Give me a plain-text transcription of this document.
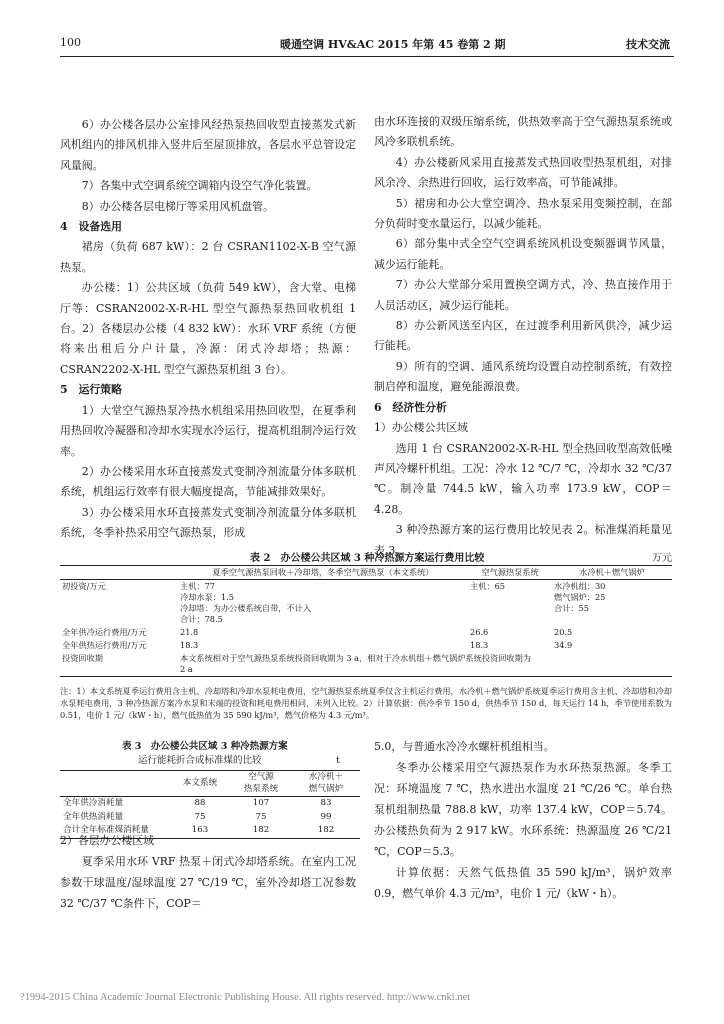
100	暖通空调 HV&AC 2015 年第 45 卷第 2 期	技术交流

6）办公楼各层办公室排风经热泵热回收型直接蒸发式新风机组内的排风机排入竖井后至屋顶排放，各层水平总管设定风量阀。

7）各集中式空调系统空调箱内设空气净化装置。

8）办公楼各层电梯厅等采用风机盘管。

4　设备选用

裙房（负荷 687 kW）：2 台 CSRAN1102-X-B 空气源热泵。

办公楼：1）公共区域（负荷 549 kW），含大堂、电梯厅等：CSRAN2002-X-R-HL 型空气源热泵热回收机组 1 台。2）各楼层办公楼（4 832 kW）：水环 VRF 系统（方便将来出租后分户计量，冷源：闭式冷却塔；热源：CSRAN2202-X-HL 型空气源热泵机组 3 台）。

5　运行策略

1）大堂空气源热泵冷热水机组采用热回收型，在夏季利用热回收冷凝器和冷却水实现水冷运行，提高机组制冷运行效率。

2）办公楼采用水环直接蒸发式变制冷剂流量分体多联机系统，机组运行效率有很大幅度提高，节能减排效果好。

3）办公楼采用水环直接蒸发式变制冷剂流量分体多联机系统，冬季补热采用空气源热泵，形成

由水环连接的双级压缩系统，供热效率高于空气源热泵系统或风冷多联机系统。

4）办公楼新风采用直接蒸发式热回收型热泵机组，对排风余冷、余热进行回收，运行效率高，可节能减排。

5）裙房和办公大堂空调冷、热水泵采用变频控制，在部分负荷时变水量运行，以减少能耗。

6）部分集中式全空气空调系统风机设变频器调节风量，减少运行能耗。

7）办公大堂部分采用置换空调方式，冷、热直接作用于人员活动区，减少运行能耗。

8）办公新风送至内区，在过渡季利用新风供冷，减少运行能耗。

9）所有的空调、通风系统均设置自动控制系统，有效控制启停和温度，避免能源浪费。

6　经济性分析

1）办公楼公共区域

选用 1 台 CSRAN2002-X-R-HL 型全热回收型高效低噪声风冷螺杆机组。工况：冷水 12 ℃/7 ℃，冷却水 32 ℃/37 ℃。制冷量 744.5 kW，输入功率 173.9 kW，COP＝4.28。

3 种冷热源方案的运行费用比较见表 2。标准煤消耗量见表 3。

表 2　办公楼公共区域 3 种冷热源方案运行费用比较	万元
	夏季空气源热泵回收＋冷却塔，冬季空气源热泵（本文系统）	空气源热泵系统	水冷机＋燃气锅炉
初投资/万元	主机：77
冷却水泵：1.5
冷却塔：为办公楼系统自带，不计入
合计：78.5	主机：65	水冷机组：30
燃气锅炉：25
合计：55
全年供冷运行费用/万元	21.8	26.6	20.5
全年供热运行费用/万元	18.3	18.3	34.9
投资回收期	本文系统相对于空气源热泵系统投资回收期为 3 a，相对于冷水机组＋燃气锅炉系统投资回收期为 2 a		
注：1）本文系统夏季运行费用含主机、冷却塔和冷却水泵耗电费用，空气源热泵系统夏季仅含主机运行费用，水冷机＋燃气锅炉系统夏季运行费用含主机、冷却塔和冷却水泵耗电费用，3 种冷热源方案冷水泵和末端的投资和耗电费用相同，未列入比较。2）计算依据：供冷季节 150 d，供热季节 150 d，每天运行 14 h，季节使用系数为 0.51，电价 1 元/（kW・h），燃气低热值为 35 590 kJ/m³，燃气价格为 4.3 元/m³。
表 3　办公楼公共区域 3 种冷热源方案
运行能耗折合成标准煤的比较	t
	本文系统	空气源
热泵系统	水冷机＋
燃气锅炉
全年供冷消耗量	88	107	83
全年供热消耗量	75	75	99
合计全年标准煤消耗量	163	182	182

2）各层办公楼区域

夏季采用水环 VRF 热泵＋闭式冷却塔系统。在室内工况参数干球温度/湿球温度 27 ℃/19 ℃，室外冷却塔工况参数 32 ℃/37 ℃条件下，COP＝

5.0，与普通水冷冷水螺杆机组相当。

冬季办公楼采用空气源热泵作为水环热泵热源。冬季工况：环境温度 7 ℃，热水进出水温度 21 ℃/26 ℃。单台热泵机组制热量 788.8 kW，功率 137.4 kW，COP＝5.74。办公楼热负荷为 2 917 kW。水环系统：热源温度 26 ℃/21 ℃，COP＝5.3。

计算依据：天然气低热值 35 590 kJ/m³，锅炉效率 0.9，燃气单价 4.3 元/m³，电价 1 元/（kW・h）。

?1994-2015 China Academic Journal Electronic Publishing House. All rights reserved. http://www.cnki.net
